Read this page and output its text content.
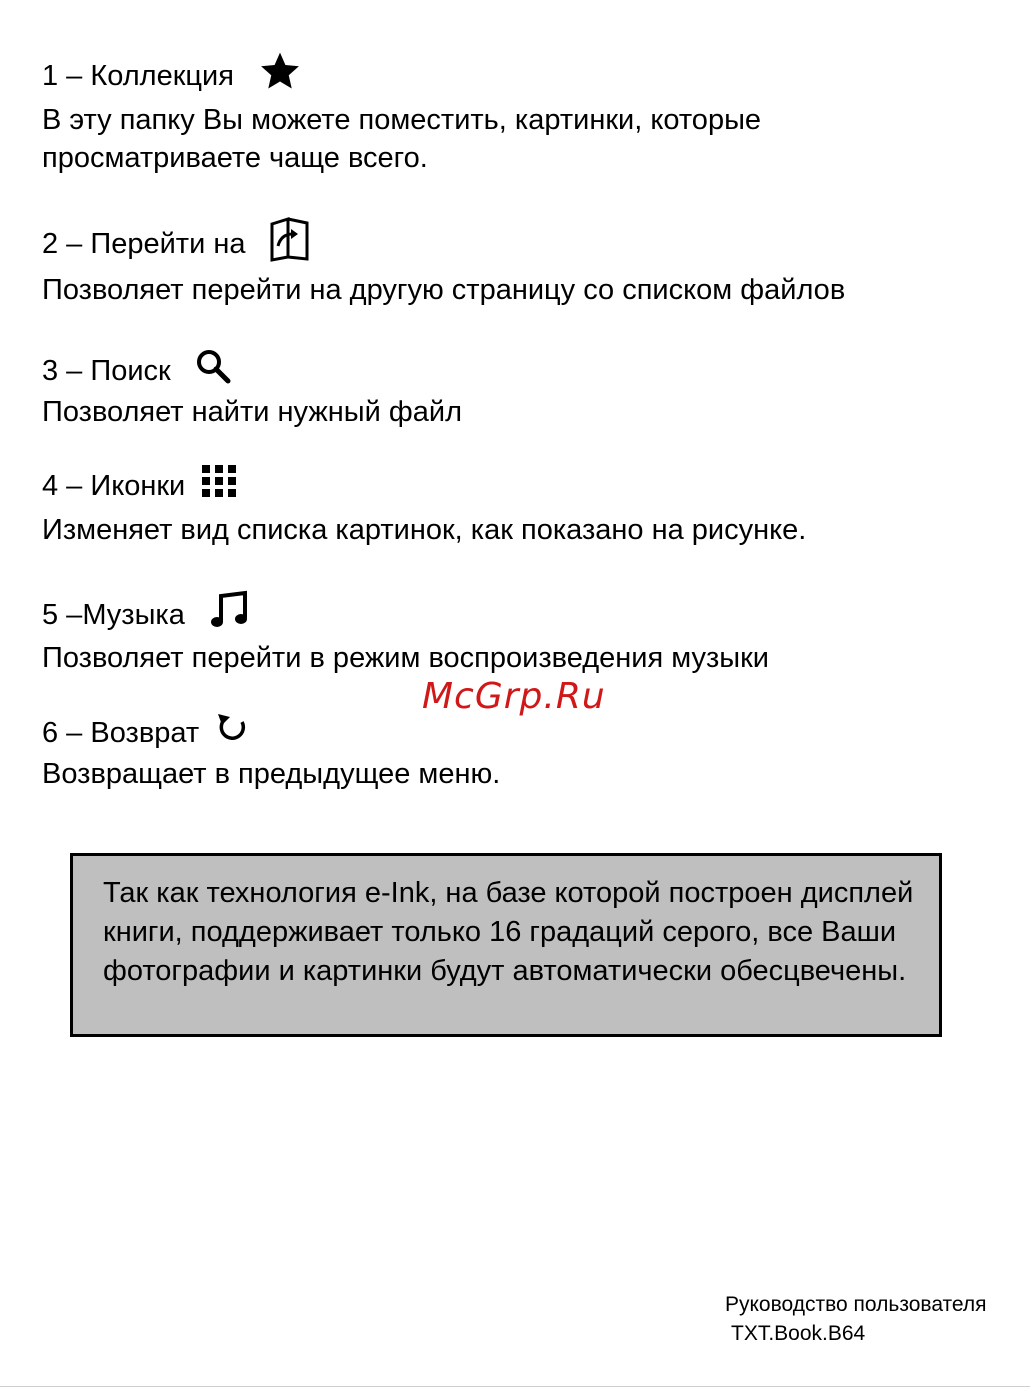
1 – Коллекция
В эту папку Вы можете поместить, картинки, которые просматриваете чаще всего.
2 – Перейти на
Позволяет перейти на другую страницу со списком файлов
3 – Поиск
Позволяет найти нужный файл
4 – Иконки
Изменяет вид списка картинок, как показано на рисунке.
5 –Музыка
Позволяет перейти в режим воспроизведения музыки
McGrp.Ru
6 – Возврат
Возвращает в предыдущее меню.
Так как технология e-Ink, на базе которой построен дисплей книги, поддерживает только 16 градаций серого, все Ваши фотографии и картинки будут автоматически обесцвечены.
Руководство пользователя
TXT.Book.B64
